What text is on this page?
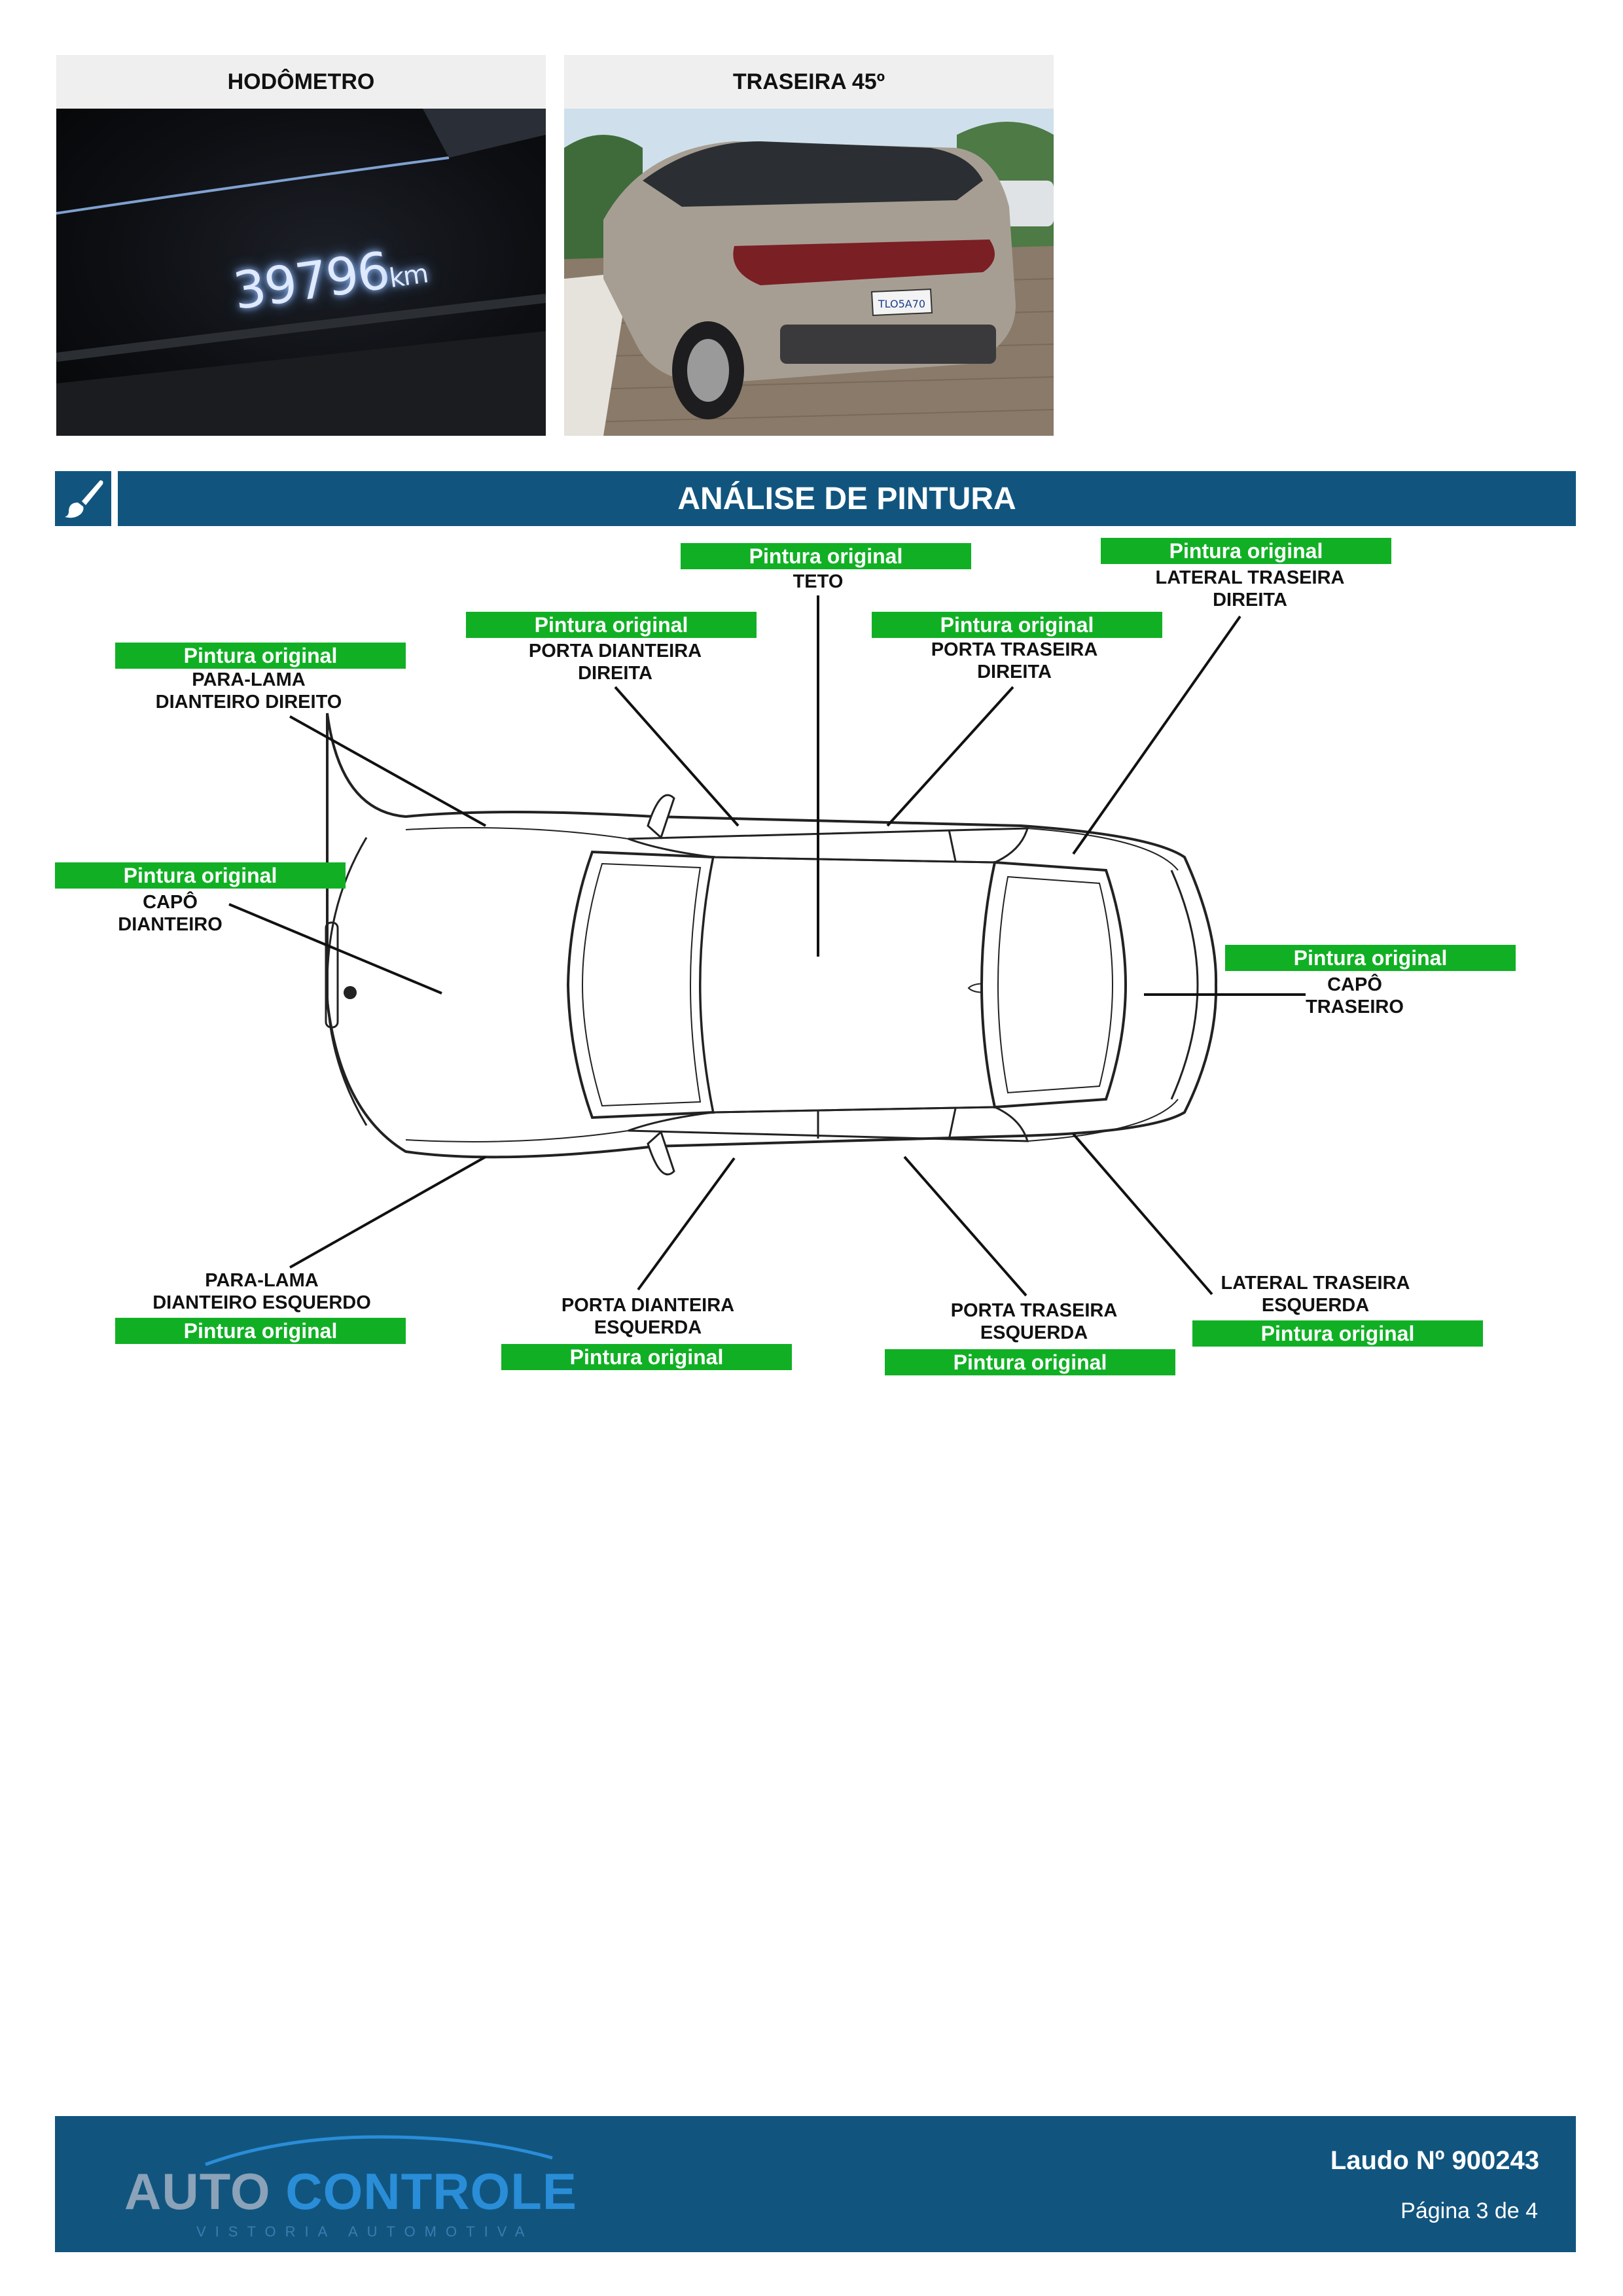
HODÔMETRO
39796km
TRASEIRA 45º
TLO5A70
ANÁLISE DE PINTURA
Pintura original
TETO
Pintura original
LATERAL TRASEIRA
DIREITA
Pintura original
PORTA DIANTEIRA
DIREITA
Pintura original
PORTA TRASEIRA
DIREITA
Pintura original
PARA-LAMA
DIANTEIRO DIREITO
Pintura original
CAPÔ
DIANTEIRO
Pintura original
CAPÔ
TRASEIRO
PARA-LAMA
DIANTEIRO ESQUERDO
Pintura original
PORTA DIANTEIRA
ESQUERDA
Pintura original
PORTA TRASEIRA
ESQUERDA
Pintura original
LATERAL TRASEIRA
ESQUERDA
Pintura original
AUTO CONTROLE
VISTORIA AUTOMOTIVA
Laudo Nº 900243
Página 3 de 4
